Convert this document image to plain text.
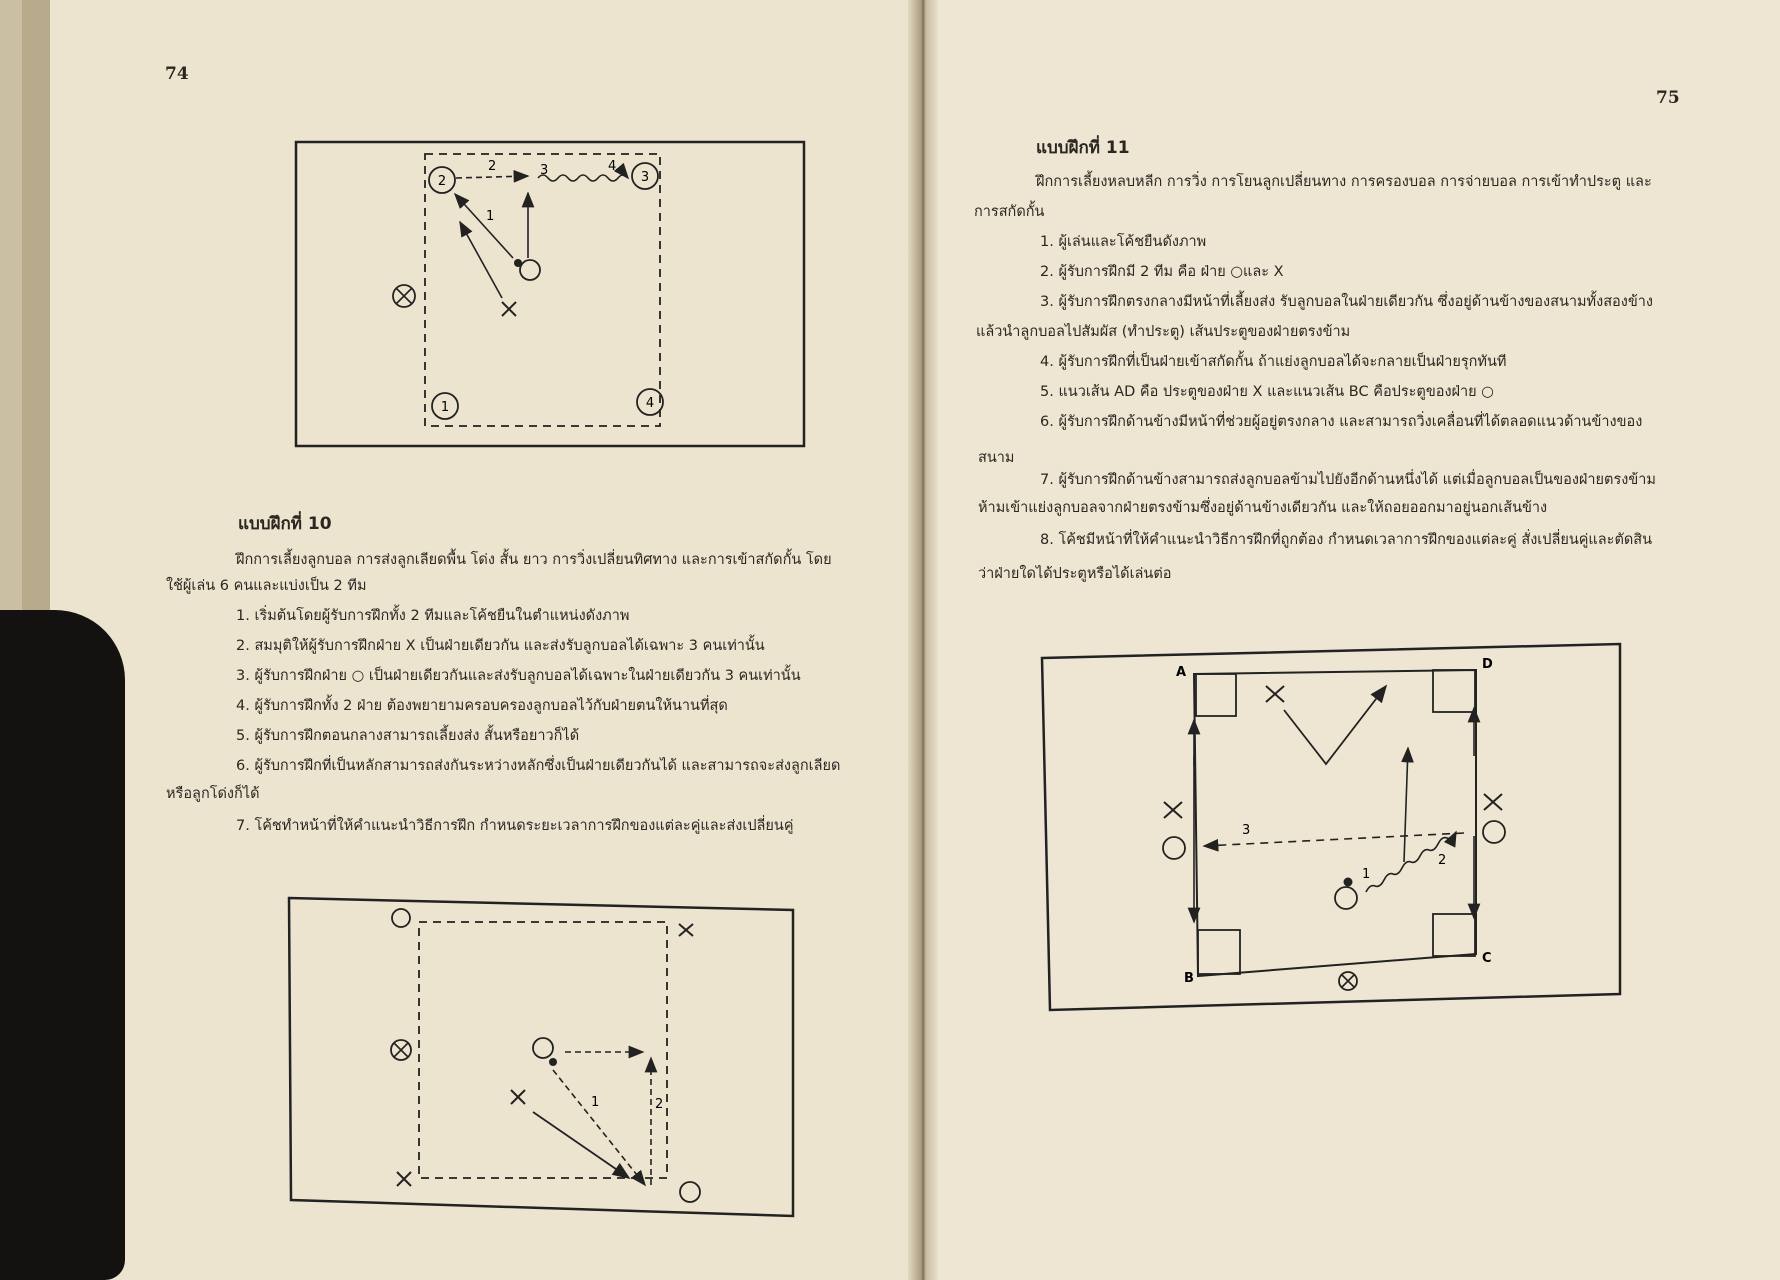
74
2	3
1	4
2	3	4
1
แบบฝึกที่ 10
ฝึกการเลี้ยงลูกบอล การส่งลูกเลียดพื้น โด่ง สั้น ยาว การวิ่งเปลี่ยนทิศทาง และการเข้าสกัดกั้น โดย
ใช้ผู้เล่น 6 คนและแบ่งเป็น 2 ทีม
1. เริ่มต้นโดยผู้รับการฝึกทั้ง 2 ทีมและโค้ชยืนในตำแหน่งดังภาพ
2. สมมุติให้ผู้รับการฝึกฝ่าย X เป็นฝ่ายเดียวกัน และส่งรับลูกบอลได้เฉพาะ 3 คนเท่านั้น
3. ผู้รับการฝึกฝ่าย ○ เป็นฝ่ายเดียวกันและส่งรับลูกบอลได้เฉพาะในฝ่ายเดียวกัน 3 คนเท่านั้น
4. ผู้รับการฝึกทั้ง 2 ฝ่าย ต้องพยายามครอบครองลูกบอลไว้กับฝ่ายตนให้นานที่สุด
5. ผู้รับการฝึกตอนกลางสามารถเลี้ยงส่ง สั้นหรือยาวก็ได้
6. ผู้รับการฝึกที่เป็นหลักสามารถส่งกันระหว่างหลักซึ่งเป็นฝ่ายเดียวกันได้ และสามารถจะส่งลูกเลียด
หรือลูกโด่งก็ได้
7. โค้ชทำหน้าที่ให้คำแนะนำวิธีการฝึก กำหนดระยะเวลาการฝึกของแต่ละคู่และส่งเปลี่ยนคู่
1	2
75
แบบฝึกที่ 11
ฝึกการเลี้ยงหลบหลีก การวิ่ง การโยนลูกเปลี่ยนทาง การครองบอล การจ่ายบอล การเข้าทำประตู และ
การสกัดกั้น
1. ผู้เล่นและโค้ชยืนดังภาพ
2. ผู้รับการฝึกมี 2 ทีม คือ ฝ่าย ○และ X
3. ผู้รับการฝึกตรงกลางมีหน้าที่เลี้ยงส่ง รับลูกบอลในฝ่ายเดียวกัน ซึ่งอยู่ด้านข้างของสนามทั้งสองข้าง
แล้วนำลูกบอลไปสัมผัส (ทำประตู) เส้นประตูของฝ่ายตรงข้าม
4. ผู้รับการฝึกที่เป็นฝ่ายเข้าสกัดกั้น ถ้าแย่งลูกบอลได้จะกลายเป็นฝ่ายรุกทันที
5. แนวเส้น AD คือ ประตูของฝ่าย X และแนวเส้น BC คือประตูของฝ่าย ○
6. ผู้รับการฝึกด้านข้างมีหน้าที่ช่วยผู้อยู่ตรงกลาง และสามารถวิ่งเคลื่อนที่ได้ตลอดแนวด้านข้างของ
สนาม
7. ผู้รับการฝึกด้านข้างสามารถส่งลูกบอลข้ามไปยังอีกด้านหนึ่งได้ แต่เมื่อลูกบอลเป็นของฝ่ายตรงข้าม
ห้ามเข้าแย่งลูกบอลจากฝ่ายตรงข้ามซึ่งอยู่ด้านข้างเดียวกัน และให้ถอยออกมาอยู่นอกเส้นข้าง
8. โค้ชมีหน้าที่ให้คำแนะนำวิธีการฝึกที่ถูกต้อง กำหนดเวลาการฝึกของแต่ละคู่ สั่งเปลี่ยนคู่และตัดสิน
ว่าฝ่ายใดได้ประตูหรือได้เล่นต่อ
A
D
B
C
3
1
2
